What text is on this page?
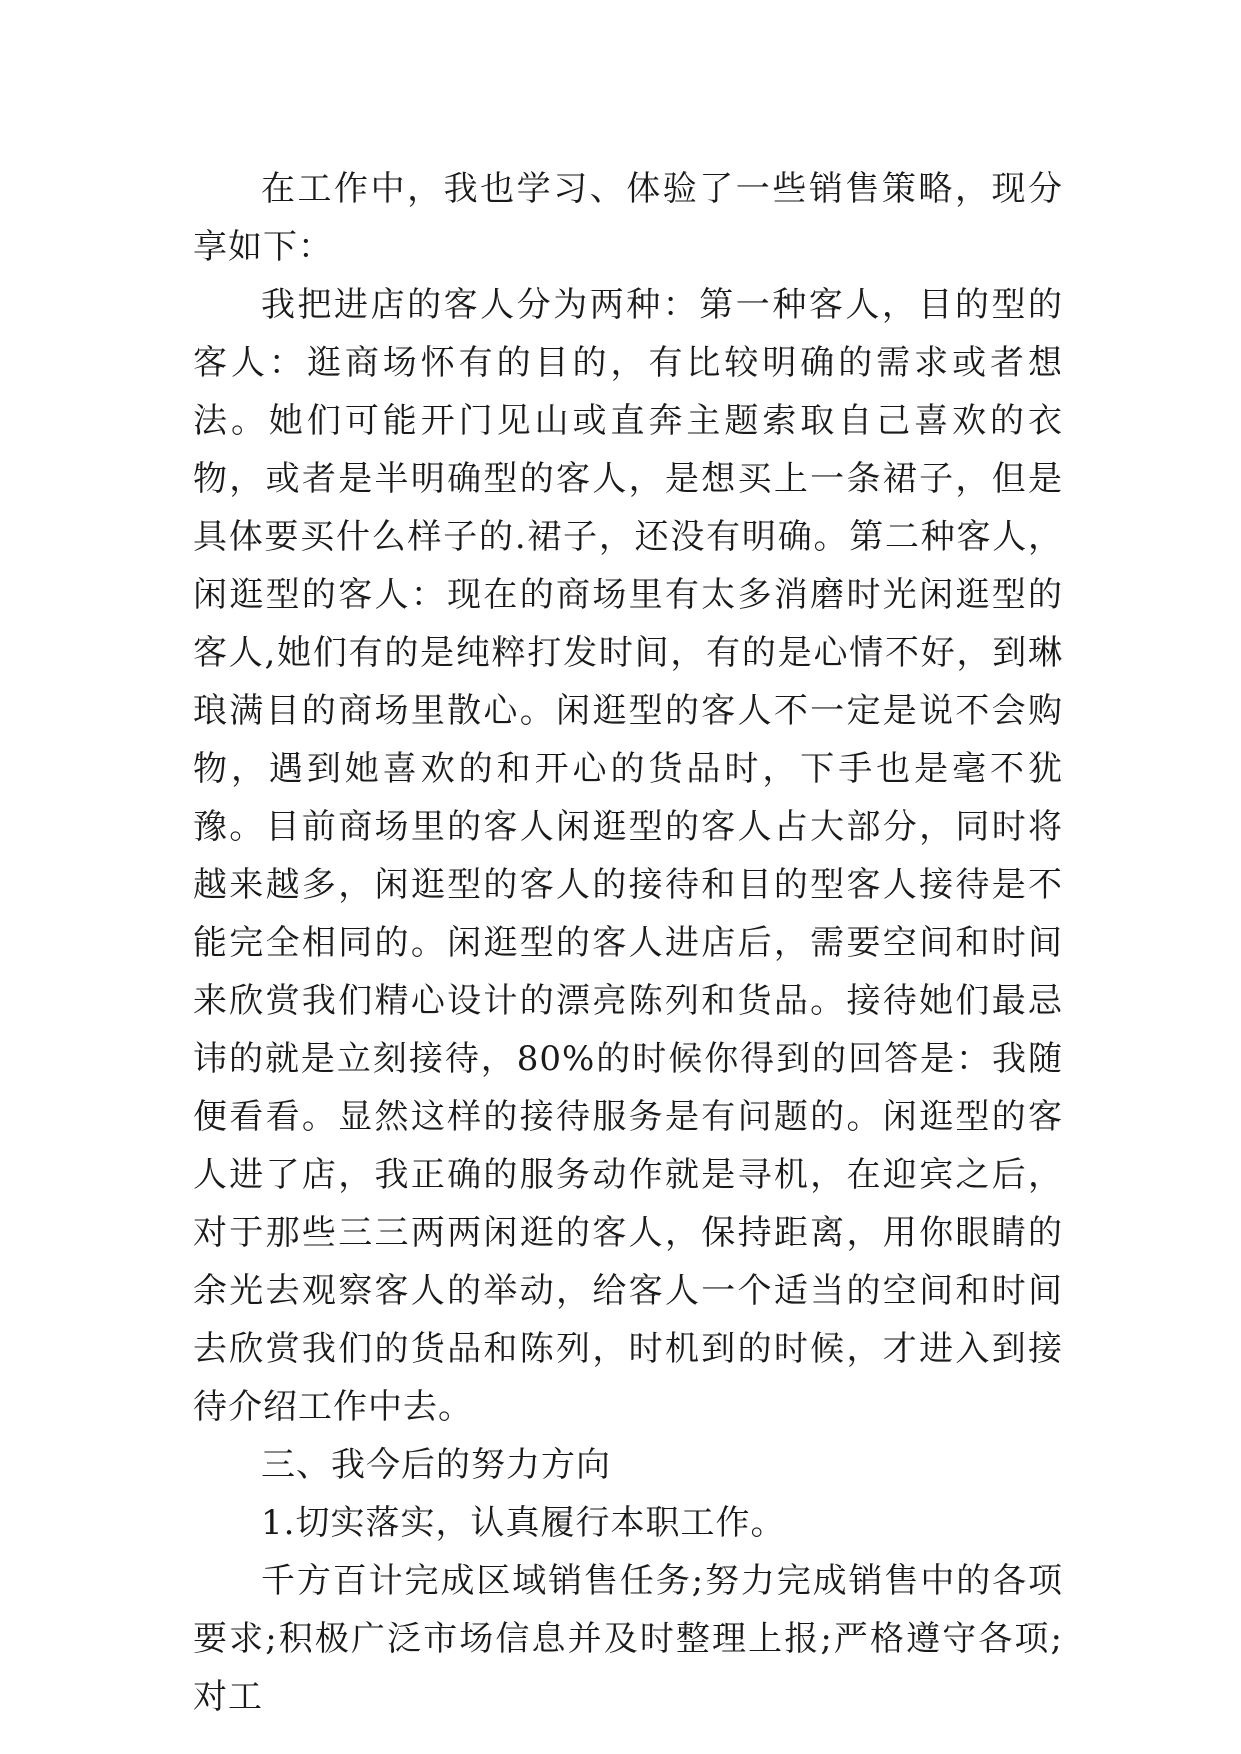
在工作中，我也学习、体验了一些销售策略，现分享如下：

我把进店的客人分为两种：第一种客人，目的型的客人：逛商场怀有的目的，有比较明确的需求或者想法。她们可能开门见山或直奔主题索取自己喜欢的衣物，或者是半明确型的客人，是想买上一条裙子，但是具体要买什么样子的.裙子，还没有明确。第二种客人，闲逛型的客人：现在的商场里有太多消磨时光闲逛型的客人,她们有的是纯粹打发时间，有的是心情不好，到琳琅满目的商场里散心。闲逛型的客人不一定是说不会购物，遇到她喜欢的和开心的货品时，下手也是毫不犹豫。目前商场里的客人闲逛型的客人占大部分，同时将越来越多，闲逛型的客人的接待和目的型客人接待是不能完全相同的。闲逛型的客人进店后，需要空间和时间来欣赏我们精心设计的漂亮陈列和货品。接待她们最忌讳的就是立刻接待，80%的时候你得到的回答是：我随便看看。显然这样的接待服务是有问题的。闲逛型的客人进了店，我正确的服务动作就是寻机，在迎宾之后，对于那些三三两两闲逛的客人，保持距离，用你眼睛的余光去观察客人的举动，给客人一个适当的空间和时间去欣赏我们的货品和陈列，时机到的时候，才进入到接待介绍工作中去。

三、我今后的努力方向

1.切实落实，认真履行本职工作。

千方百计完成区域销售任务;努力完成销售中的各项要求;积极广泛市场信息并及时整理上报;严格遵守各项;对工
